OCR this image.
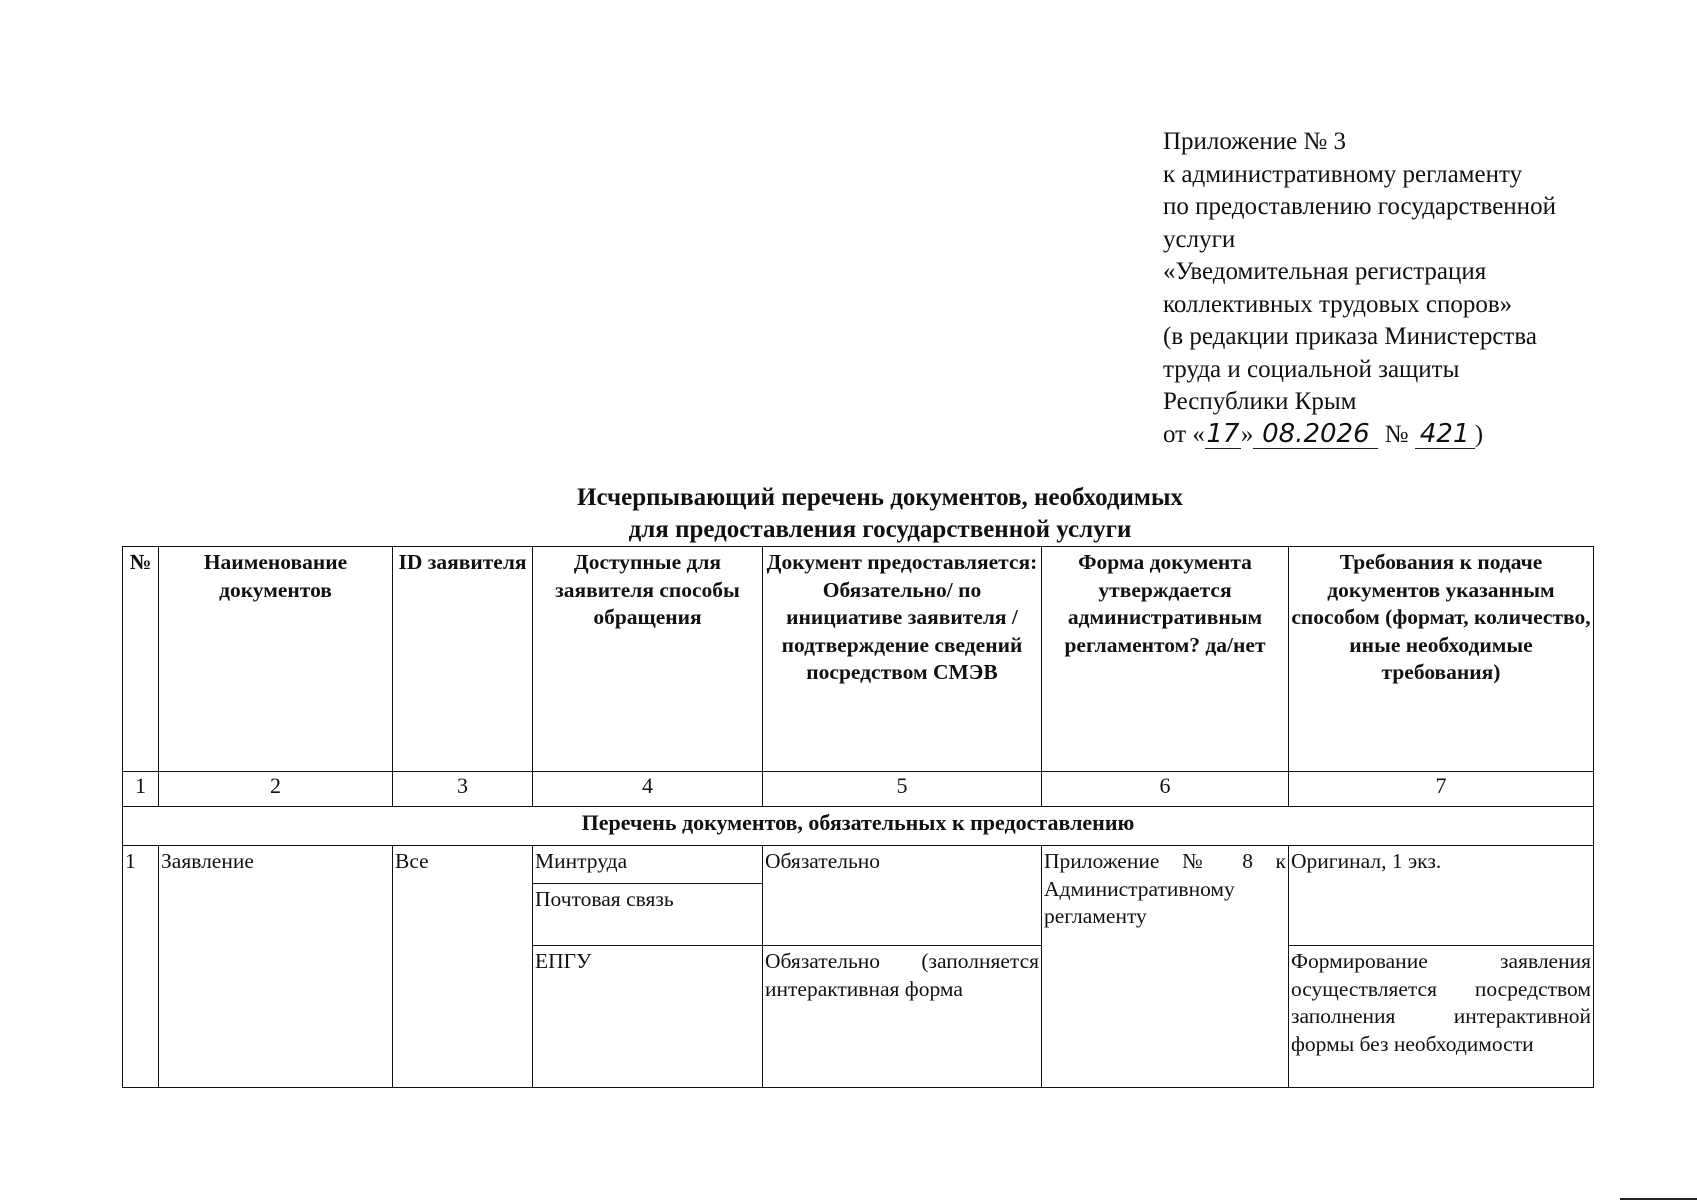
Приложение № 3
к административному регламенту
по предоставлению государственной
услуги
«Уведомительная регистрация
коллективных трудовых споров»
(в редакции приказа Министерства
труда и социальной защиты
Республики Крым
от «17» 08.2026 № 421 )
Исчерпывающий перечень документов, необходимых
для предоставления государственной услуги
№	Наименование документов	ID заявителя	Доступные для заявителя способы обращения	Документ предоставляется: Обязательно/ по инициативе заявителя /подтверждение сведений посредством СМЭВ	Форма документа утверждается административным регламентом? да/нет	Требования к подаче документов указанным способом (формат, количество, иные необходимые требования)
1	2	3	4	5	6	7
Перечень документов, обязательных к предоставлению						
1	Заявление	Все	Минтруда	Обязательно	Приложение № 8 к Административному регламенту	Оригинал, 1 экз.
			Почтовая связь			
			ЕПГУ	Обязательно (заполняется интерактивная форма		Формирование заявления осуществляется посредством заполнения интерактивной формы без необходимости
